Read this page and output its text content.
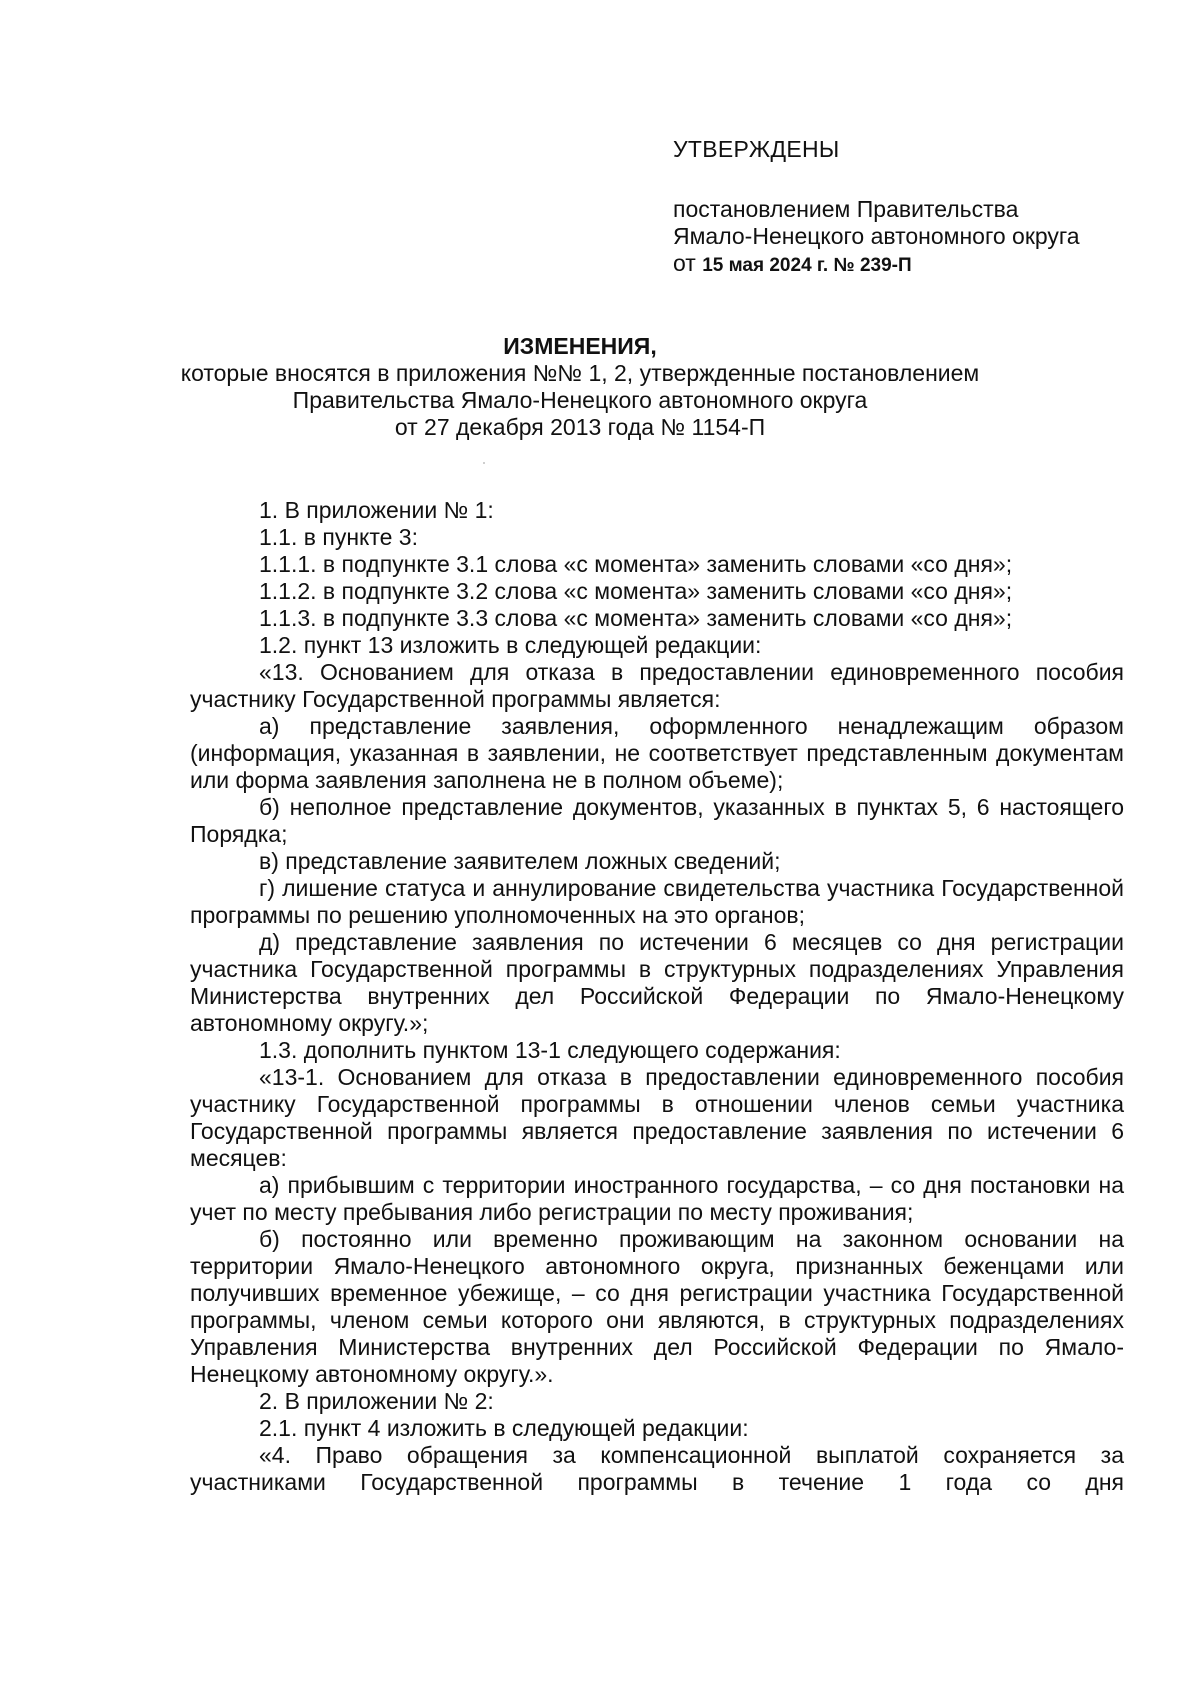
УТВЕРЖДЕНЫ

постановлением Правительства

Ямало-Ненецкого автономного округа

от 15 мая 2024 г. № 239-П

ИЗМЕНЕНИЯ,

которые вносятся в приложения №№ 1, 2, утвержденные постановлением

Правительства Ямало-Ненецкого автономного округа

от 27 декабря 2013 года № 1154-П

1. В приложении № 1:

1.1. в пункте 3:

1.1.1. в подпункте 3.1 слова «с момента» заменить словами «со дня»;

1.1.2. в подпункте 3.2 слова «с момента» заменить словами «со дня»;

1.1.3. в подпункте 3.3 слова «с момента» заменить словами «со дня»;

1.2. пункт 13 изложить в следующей редакции:

«13. Основанием для отказа в предоставлении единовременного пособия участнику Государственной программы является:

а) представление заявления, оформленного ненадлежащим образом (информация, указанная в заявлении, не соответствует представленным документам или форма заявления заполнена не в полном объеме);

б) неполное представление документов, указанных в пунктах 5, 6 настоящего Порядка;

в) представление заявителем ложных сведений;

г) лишение статуса и аннулирование свидетельства участника Государственной программы по решению уполномоченных на это органов;

д) представление заявления по истечении 6 месяцев со дня регистрации участника Государственной программы в структурных подразделениях Управления Министерства внутренних дел Российской Федерации по Ямало-Ненецкому автономному округу.»;

1.3. дополнить пунктом 13-1 следующего содержания:

«13-1. Основанием для отказа в предоставлении единовременного пособия участнику Государственной программы в отношении членов семьи участника Государственной программы является предоставление заявления по истечении 6 месяцев:

а) прибывшим с территории иностранного государства, – со дня постановки на учет по месту пребывания либо регистрации по месту проживания;

б) постоянно или временно проживающим на законном основании на территории Ямало-Ненецкого автономного округа, признанных беженцами или получивших временное убежище, – со дня регистрации участника Государственной программы, членом семьи которого они являются, в структурных подразделениях Управления Министерства внутренних дел Российской Федерации по Ямало-Ненецкому автономному округу.».

2. В приложении № 2:

2.1. пункт 4 изложить в следующей редакции:

«4. Право обращения за компенсационной выплатой сохраняется за участниками Государственной программы в течение 1 года со дня
